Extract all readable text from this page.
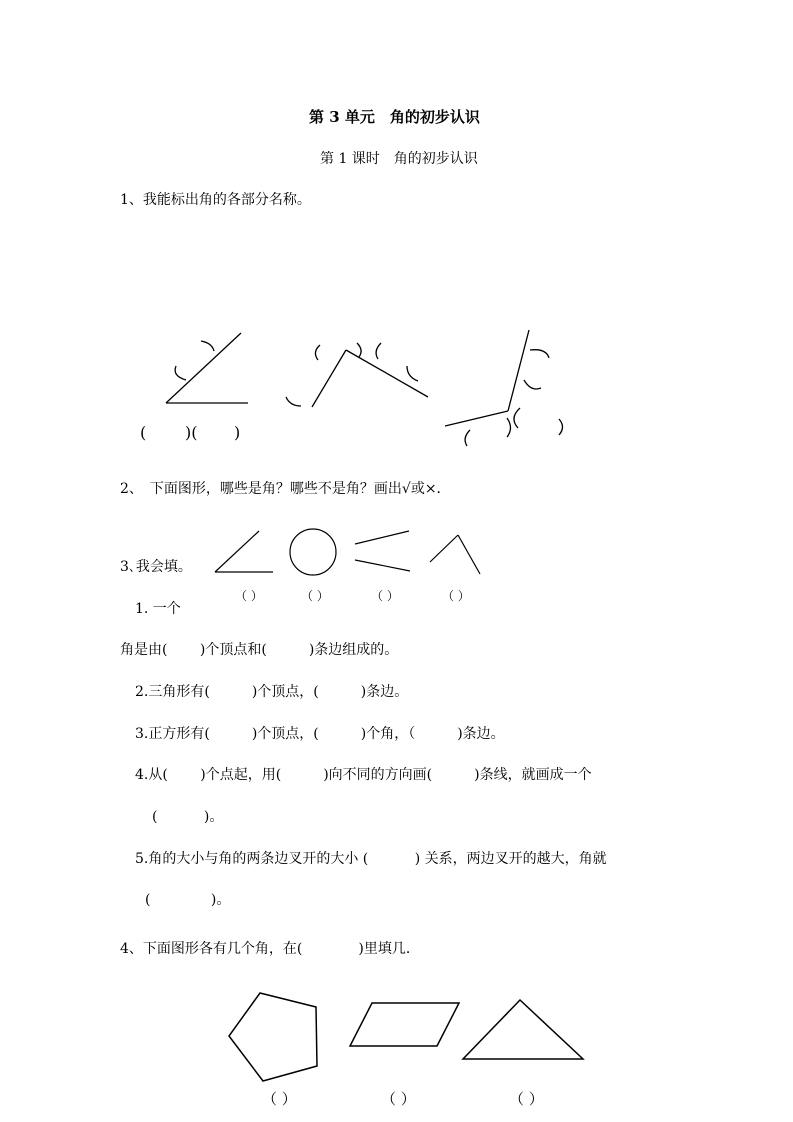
第 3 单元　角的初步认识
第 1 课时　角的初步认识
1、我能标出角的各部分名称。
( )( )
2、　下面图形，哪些是角？哪些不是角？画出√或×．
3､我会填。
（ ）	（ ）	（ ）	（ ）
1. 一个
角是由(　　 )个顶点和(　　　)条边组成的。
2.三角形有(　　　)个顶点，(　　　)条边。
3.正方形有(　　　)个顶点，(　　　)个角，（　　　)条边。
4.从(　　 )个点起，用(　　　)向不同的方向画(　　　)条线，就画成一个
(　　　 )。
5.角的大小与角的两条边叉开的大小 (　　　 ) 关系，两边叉开的越大，角就
(　　　　 )。
4、下面图形各有几个角，在(　　　　)里填几．
（ ）	（ ）	（ ）
